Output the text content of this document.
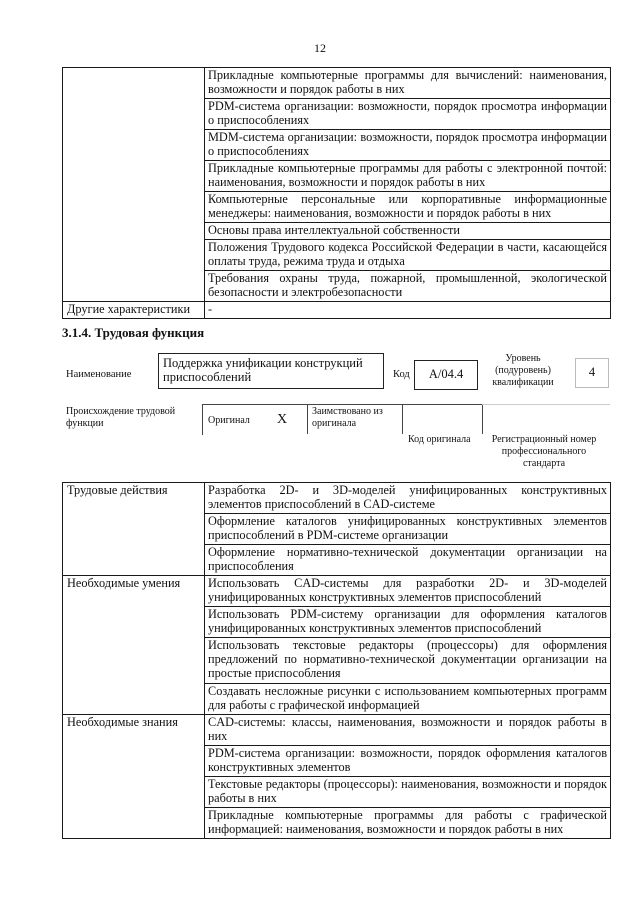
12
	Прикладные компьютерные программы для вычислений: наименования, возможности и порядок работы в них
	PDM-система организации: возможности, порядок просмотра информации о приспособлениях
	MDM-система организации: возможности, порядок просмотра информации о приспособлениях
	Прикладные компьютерные программы для работы с электронной почтой: наименования, возможности и порядок работы в них
	Компьютерные персональные или корпоративные информационные менеджеры: наименования, возможности и порядок работы в них
	Основы права интеллектуальной собственности
	Положения Трудового кодекса Российской Федерации в части, касающейся оплаты труда, режима труда и отдыха
	Требования охраны труда, пожарной, промышленной, экологической безопасности и электробезопасности
Другие характеристики	-
3.1.4. Трудовая функция
Наименование
Поддержка унификации конструкций приспособлений	Код	А/04.4
Уровень (подуровень) квалификации
4
Происхождение трудовой функции	Оригинал X
Заимствовано из оригинала
Код оригинала	Регистрационный номер профессионального стандарта
Трудовые действия	Разработка 2D- и 3D-моделей унифицированных конструктивных элементов приспособлений в CAD-системе
	Оформление каталогов унифицированных конструктивных элементов приспособлений в PDM-системе организации
	Оформление нормативно-технической документации организации на приспособления
Необходимые умения	Использовать CAD-системы для разработки 2D- и 3D-моделей унифицированных конструктивных элементов приспособлений
	Использовать PDM-систему организации для оформления каталогов унифицированных конструктивных элементов приспособлений
	Использовать текстовые редакторы (процессоры) для оформления предложений по нормативно-технической документации организации на простые приспособления
	Создавать несложные рисунки с использованием компьютерных программ для работы с графической информацией
Необходимые знания	CAD-системы: классы, наименования, возможности и порядок работы в них
	PDM-система организации: возможности, порядок оформления каталогов конструктивных элементов
	Текстовые редакторы (процессоры): наименования, возможности и порядок работы в них
	Прикладные компьютерные программы для работы с графической информацией: наименования, возможности и порядок работы в них
